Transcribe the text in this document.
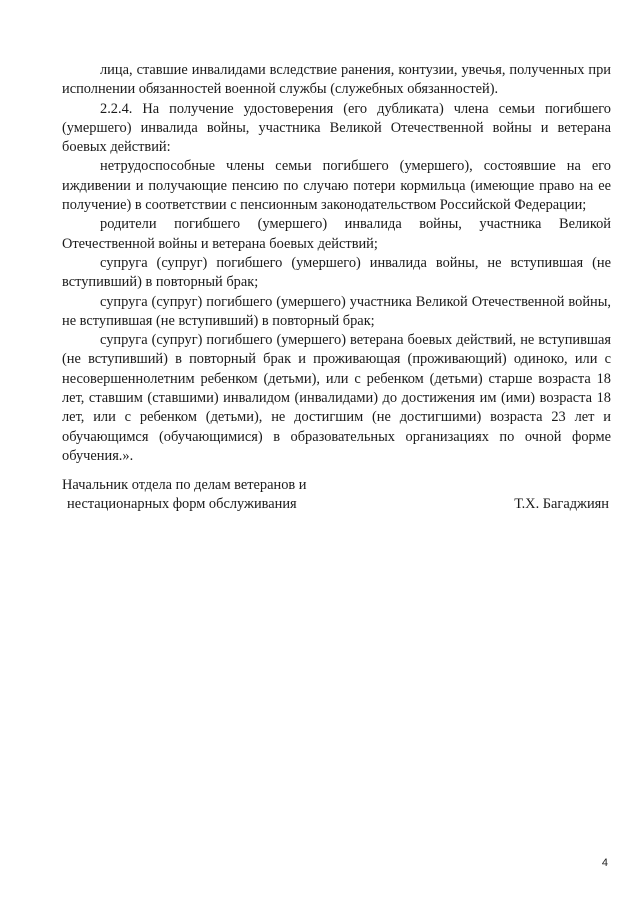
лица, ставшие инвалидами вследствие ранения, контузии, увечья, полученных при исполнении обязанностей военной службы (служебных обязанностей).

2.2.4. На получение удостоверения (его дубликата) члена семьи погибшего (умершего) инвалида войны, участника Великой Отечественной войны и ветерана боевых действий:

нетрудоспособные члены семьи погибшего (умершего), состоявшие на его иждивении и получающие пенсию по случаю потери кормильца (имеющие право на ее получение) в соответствии с пенсионным законодательством Российской Федерации;

родители погибшего (умершего) инвалида войны, участника Великой Отечественной войны и ветерана боевых действий;

супруга (супруг) погибшего (умершего) инвалида войны, не вступившая (не вступивший) в повторный брак;

супруга (супруг) погибшего (умершего) участника Великой Отечественной войны, не вступившая (не вступивший) в повторный брак;

супруга (супруг) погибшего (умершего) ветерана боевых действий, не вступившая (не вступивший) в повторный брак и проживающая (проживающий) одиноко, или с несовершеннолетним ребенком (детьми), или с ребенком (детьми) старше возраста 18 лет, ставшим (ставшими) инвалидом (инвалидами) до достижения им (ими) возраста 18 лет, или с ребенком (детьми), не достигшим (не достигшими) возраста 23 лет и обучающимся (обучающимися) в образовательных организациях по очной форме обучения.».

Начальник отдела по делам ветеранов и
нестационарных форм обслуживания	Т.Х. Багаджиян
4
